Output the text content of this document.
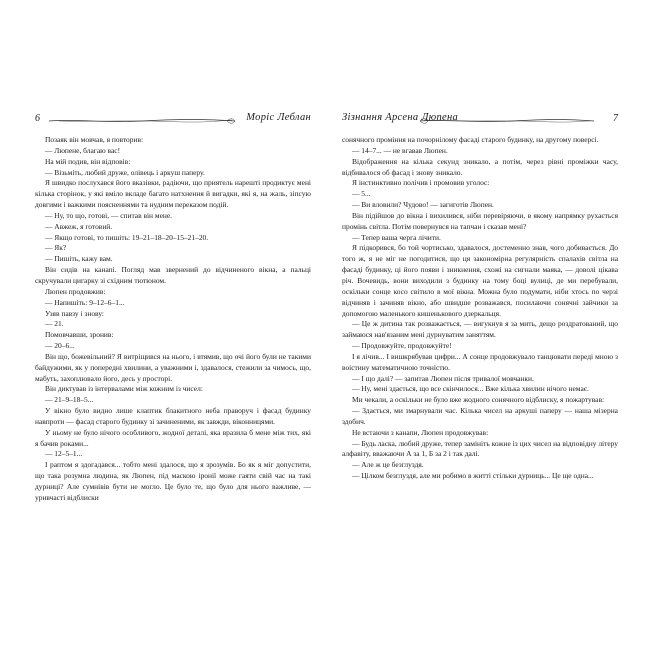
6	Моріс Леблан

Позаяк він мовчав, я повторив:

— Люпене, благаю вас!

На мій подив, він відповів:

— Візьміть, любий друже, олівець і аркуш паперу.

Я швидко послухався його вказівки, радіючи, що приятель нарешті продиктує мені кілька сторінок, у які вміло вкладе багато натхнення й вигадки, які я, на жаль, зіпсую довгими і важкими поясненнями та нудним переказом подій.

— Ну, то що, готові, — спитав він мене.

— Авжеж, я готовий.

— Якщо готові, то пишіть: 19–21–18–20–15–21–20.

— Як?

— Пишіть, кажу вам.

Він сидів на канапі. Погляд мав звернений до відчиненого вікна, а пальці скручували цигарку зі східним тютюном.

Люпен продовжив:

— Напишіть: 9–12–6–1...

Узяв павзу і знову:

— 21.

Помовчавши, зронив:

— 20–6...

Він що, божевільний? Я витріщився на нього, і втямив, що очі його були не такими байдужими, як у попередні хвилини, а уважними і, здавалося, стежили за чимось, що, мабуть, захоплювало його, десь у просторі.

Він диктував із інтервалами між кожним із чисел:

— 21–9–18–5...

У вікно було видно лише клаптик блакитного неба праворуч і фасад будинку навпроти — фасад старого будинку зі зачиненими, як завжди, віконницями.

У ньому не було нічого особливого, жодної деталі, яка вразила б мене між тих, які я бачив роками...

— 12–5–1...

І раптом я здогадався... тобто мені здалося, що я зрозумів. Бо як я міг допустити, що така розумна людина, як Люпен, під маскою іронії може гаяти свій час на такі дурниці? Але сумнівів бути не могло. Це було те, що було для нього важливе, — уривчасті відблиски

Зізнання Арсена Люпена	7

сонячного проміння на почорнілому фасаді старого будинку, на другому поверсі.

— 14–7... — не вгавав Люпен.

Відображення на кілька секунд зникало, а потім, через рівні проміжки часу, відбивалося об фасад і знову зникало.

Я інстинктивно полічив і промовив уголос:

— 5...

— Ви вловили? Чудово! — загиготів Люпен.

Він підійшов до вікна і вихилився, ніби перевіряючи, в якому напрямку рухається промінь світла. Потім повернувся на тапчан і сказав мені?

— Тепер ваша черга лічити.

Я підкорився, бо той чортисько, здавалося, достеменно знав, чого добивається. До того ж, я не міг не погодитися, що ця закономірна регулярність спалахів світла на фасаді будинку, ці його появи і зникнення, схожі на сигнали маяка, — доволі цікава річ. Вочевидь, вони виходили з будинку на тому боці вулиці, де ми перебували, оскільки сонце косо світило в мої вікна. Можна було подумати, ніби хтось по черзі відчиняв і зачиняв вікно, або швидше розважався, посилаючи сонячні зайчики за допомогою маленького кишенькового дзеркальця.

— Це ж дитина так розважається, — вигукнув я за мить, дещо роздратований, що займаюся нав'язаним мені дурнуватим заняттям.

— Продовжуйте, продовжуйте!

І я лічив... І вишкрябував цифри... А сонце продовжувало танцювати переді мною з воістину математичною точністю.

— І що далі? — запитав Люпен після тривалої мовчанки.

— Ну, мені здається, що все скінчилося... Вже кілька хвилин нічого немає.

Ми чекали, а оскільки не було вже жодного сонячного відблиску, я пожартував:

— Здається, ми змарнували час. Кілька чисел на аркуші паперу — наша мізерна здобич.

Не встаючи з канапи, Люпен продовжував:

— Будь ласка, любий друже, тепер замініть кожне із цих чисел на відповідну літеру алфавіту, вважаючи А за 1, Б за 2 і так далі.

— Але ж це безглуздя.

— Цілком безглуздя, але ми робимо в житті стільки дурниць... Це ще одна...
